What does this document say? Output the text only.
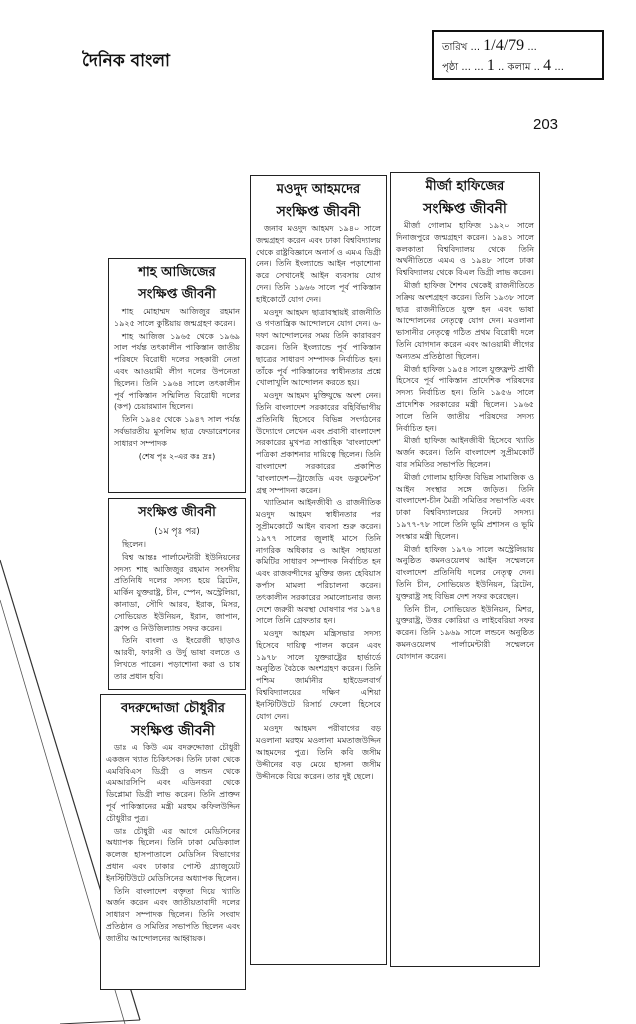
দৈনিক বাংলা
তারিখ ... 1/4/79 ...
পৃষ্ঠা ... ... 1 .. কলাম .. 4 ...
203
মওদুদ আহমদের
সংক্ষিপ্ত জীবনী

জনাব মওদুদ আহমদ ১৯৪০ সালে জন্মগ্রহণ করেন এবং ঢাকা বিশ্ববিদ্যালয় থেকে রাষ্ট্রবিজ্ঞানে অনার্স ও এমএ ডিগ্রী নেন। তিনি ইংল্যান্ডে আইন পড়াশোনা করে সেখানেই আইন ব্যবসায় যোগ দেন। তিনি ১৯৬৬ সালে পূর্ব পাকিস্তান হাইকোর্টে যোগ দেন।

মওদুদ আহমদ ছাত্রাবস্থায়ই রাজনীতি ও গণতান্ত্রিক আন্দোলনে যোগ দেন। ৬-দফা আন্দোলনের সময় তিনি কারাবরণ করেন। তিনি ইংল্যান্ডে পূর্ব পাকিস্তান ছাত্রের সাধারণ সম্পাদক নির্বাচিত হন। তাঁকে পূর্ব পাকিস্তানের স্বাধীনতার প্রশ্নে খোলাখুলি আন্দোলন করতে হয়।

মওদুদ আহমদ মুক্তিযুদ্ধে অংশ নেন। তিনি বাংলাদেশ সরকারের বহির্বিভাগীয় প্রতিনিধি হিসেবে বিভিন্ন সংগঠনের উদ্যোগে লেখেন এবং প্রবাসী বাংলাদেশ সরকারের মুখপত্র সাপ্তাহিক 'বাংলাদেশ' পত্রিকা প্রকাশনার দায়িত্বে ছিলেন। তিনি বাংলাদেশ সরকারের প্রকাশিত 'বাংলাদেশ—ট্রাজেডি এবং ডকুমেন্টস' গ্রন্থ সম্পাদনা করেন।

খ্যাতিমান আইনজীবী ও রাজনীতিক মওদুদ আহমদ স্বাধীনতার পর সুপ্রীমকোর্টে আইন ব্যবসা শুরু করেন। ১৯৭৭ সালের জুলাই মাসে তিনি নাগরিক অধিকার ও আইন সহায়তা কমিটির সাধারণ সম্পাদক নির্বাচিত হন এবং রাজবন্দীদের মুক্তির জন্য হেবিয়াস কর্পাস মামলা পরিচালনা করেন। তৎকালীন সরকারের সমালোচনার জন্য দেশে জরুরী অবস্থা ঘোষণার পর ১৯৭৪ সালে তিনি গ্রেফতার হন।

মওদুদ আহমদ মন্ত্রিসভার সদস্য হিসেবে দায়িত্ব পালন করেন এবং ১৯৭৮ সালে যুক্তরাষ্ট্রের হার্ভার্ডে অনুষ্ঠিত বৈঠকে অংশগ্রহণ করেন। তিনি পশ্চিম জার্মানীর হাইডেলবার্গ বিশ্ববিদ্যালয়ের দক্ষিণ এশিয়া ইনস্টিটিউটে রিসার্চ ফেলো হিসেবে যোগ দেন।

মওদুদ আহমদ পরীবাগের বড় মওলানা মরহুম মওলানা মমতাজউদ্দিন আহমদের পুত্র। তিনি কবি জসীম উদ্দীনের বড় মেয়ে হাসনা জসীম উদ্দীনকে বিয়ে করেন। তার দুই ছেলে।

মীর্জা হাফিজের
সংক্ষিপ্ত জীবনী

মীর্জা গোলাম হাফিজ ১৯২০ সালে দিনাজপুরে জন্মগ্রহণ করেন। ১৯৪১ সালে কলকাতা বিশ্ববিদ্যালয় থেকে তিনি অর্থনীতিতে এমএ ও ১৯৪৮ সালে ঢাকা বিশ্ববিদ্যালয় থেকে বিএল ডিগ্রী লাভ করেন।

মীর্জা হাফিজ শৈশব থেকেই রাজনীতিতে সক্রিয় অংশগ্রহণ করেন। তিনি ১৯৩৮ সালে ছাত্র রাজনীতিতে যুক্ত হন এবং ভাষা আন্দোলনের নেতৃত্বে যোগ দেন। মওলানা ভাসানীর নেতৃত্বে গঠিত প্রথম বিরোধী দলে তিনি যোগদান করেন এবং আওয়ামী লীগের অন্যতম প্রতিষ্ঠাতা ছিলেন।

মীর্জা হাফিজ ১৯৫৪ সালে যুক্তফ্রন্ট প্রার্থী হিসেবে পূর্ব পাকিস্তান প্রাদেশিক পরিষদের সদস্য নির্বাচিত হন। তিনি ১৯৫৬ সালে প্রাদেশিক সরকারের মন্ত্রী ছিলেন। ১৯৬৫ সালে তিনি জাতীয় পরিষদের সদস্য নির্বাচিত হন।

মীর্জা হাফিজ আইনজীবী হিসেবে খ্যাতি অর্জন করেন। তিনি বাংলাদেশ সুপ্রীমকোর্ট বার সমিতির সভাপতি ছিলেন।

মীর্জা গোলাম হাফিজ বিভিন্ন সামাজিক ও আইন সংস্থার সঙ্গে জড়িত। তিনি বাংলাদেশ-চীন মৈত্রী সমিতির সভাপতি এবং ঢাকা বিশ্ববিদ্যালয়ের সিনেট সদস্য। ১৯৭৭-৭৮ সালে তিনি ভূমি প্রশাসন ও ভূমি সংস্কার মন্ত্রী ছিলেন।

মীর্জা হাফিজ ১৯৭৬ সালে অস্ট্রেলিয়ায় অনুষ্ঠিত কমনওয়েলথ আইন সম্মেলনে বাংলাদেশ প্রতিনিধি দলের নেতৃত্ব দেন। তিনি চীন, সোভিয়েত ইউনিয়ন, ব্রিটেন, যুক্তরাষ্ট্র সহ বিভিন্ন দেশ সফর করেছেন।

তিনি চীন, সোভিয়েত ইউনিয়ন, মিশর, যুক্তরাষ্ট্র, উত্তর কোরিয়া ও লাইবেরিয়া সফর করেন। তিনি ১৯৬৯ সালে লন্ডনে অনুষ্ঠিত কমনওয়েলথ পার্লামেন্টারী সম্মেলনে যোগদান করেন।

শাহ আজিজের
সংক্ষিপ্ত জীবনী

শাহ মোহাম্মদ আজিজুর রহমান ১৯২৫ সালে কুষ্টিয়ায় জন্মগ্রহণ করেন।

শাহ আজিজ ১৯৬৫ থেকে ১৯৬৯ সাল পর্যন্ত তৎকালীন পাকিস্তান জাতীয় পরিষদে বিরোধী দলের সহকারী নেতা এবং আওয়ামী লীগ দলের উপনেতা ছিলেন। তিনি ১৯৬৪ সালে তৎকালীন পূর্ব পাকিস্তান সম্মিলিত বিরোধী দলের (কপ) চেয়ারম্যান ছিলেন।

তিনি ১৯৪৫ থেকে ১৯৪৭ সাল পর্যন্ত সর্বভারতীয় মুসলিম ছাত্র ফেডারেশনের সাধারণ সম্পাদক

(শেষ পৃঃ ২-এর কঃ দ্রঃ)
সংক্ষিপ্ত জীবনী
(১ম পৃঃ পর)

ছিলেন।

বিশ্ব আন্তঃ পার্লামেন্টারী ইউনিয়নের সদস্য শাহ আজিজুর রহমান সংসদীয় প্রতিনিধি দলের সদস্য হয়ে ব্রিটেন, মার্কিন যুক্তরাষ্ট্র, চীন, স্পেন, অস্ট্রেলিয়া, কানাডা, সৌদি আরব, ইরাক, মিসর, সোভিয়েত ইউনিয়ন, ইরান, জাপান, ফ্রান্স ও নিউজিল্যান্ড সফর করেন।

তিনি বাংলা ও ইংরেজী ছাড়াও আরবী, ফারসী ও উর্দু ভাষা বলতে ও লিখতে পারেন। পড়াশোনা করা ও চাষ তার প্রধান হবি।

বদরুদ্দোজা চৌধুরীর
সংক্ষিপ্ত জীবনী

ডাঃ এ কিউ এম বদরুদ্দোজা চৌধুরী একজন খ্যাত চিকিৎসক। তিনি ঢাকা থেকে এমবিবিএস ডিগ্রী ও লন্ডন থেকে এমআরসিপি এবং এডিনবরা থেকে ডিপ্লোমা ডিগ্রী লাভ করেন। তিনি প্রাক্তন পূর্ব পাকিস্তানের মন্ত্রী মরহুম কফিলউদ্দিন চৌধুরীর পুত্র।

ডাঃ চৌধুরী এর আগে মেডিসিনের অধ্যাপক ছিলেন। তিনি ঢাকা মেডিক্যাল কলেজ হাসপাতালে মেডিসিন বিভাগের প্রধান এবং ঢাকার পোস্ট গ্র্যাজুয়েট ইনস্টিটিউটে মেডিসিনের অধ্যাপক ছিলেন।

তিনি বাংলাদেশ বক্তৃতা দিয়ে খ্যাতি অর্জন করেন এবং জাতীয়তাবাদী দলের সাধারণ সম্পাদক ছিলেন। তিনি সংবাদ প্রতিষ্ঠান ও সমিতির সভাপতি ছিলেন এবং জাতীয় আন্দোলনের আহ্বায়ক।
